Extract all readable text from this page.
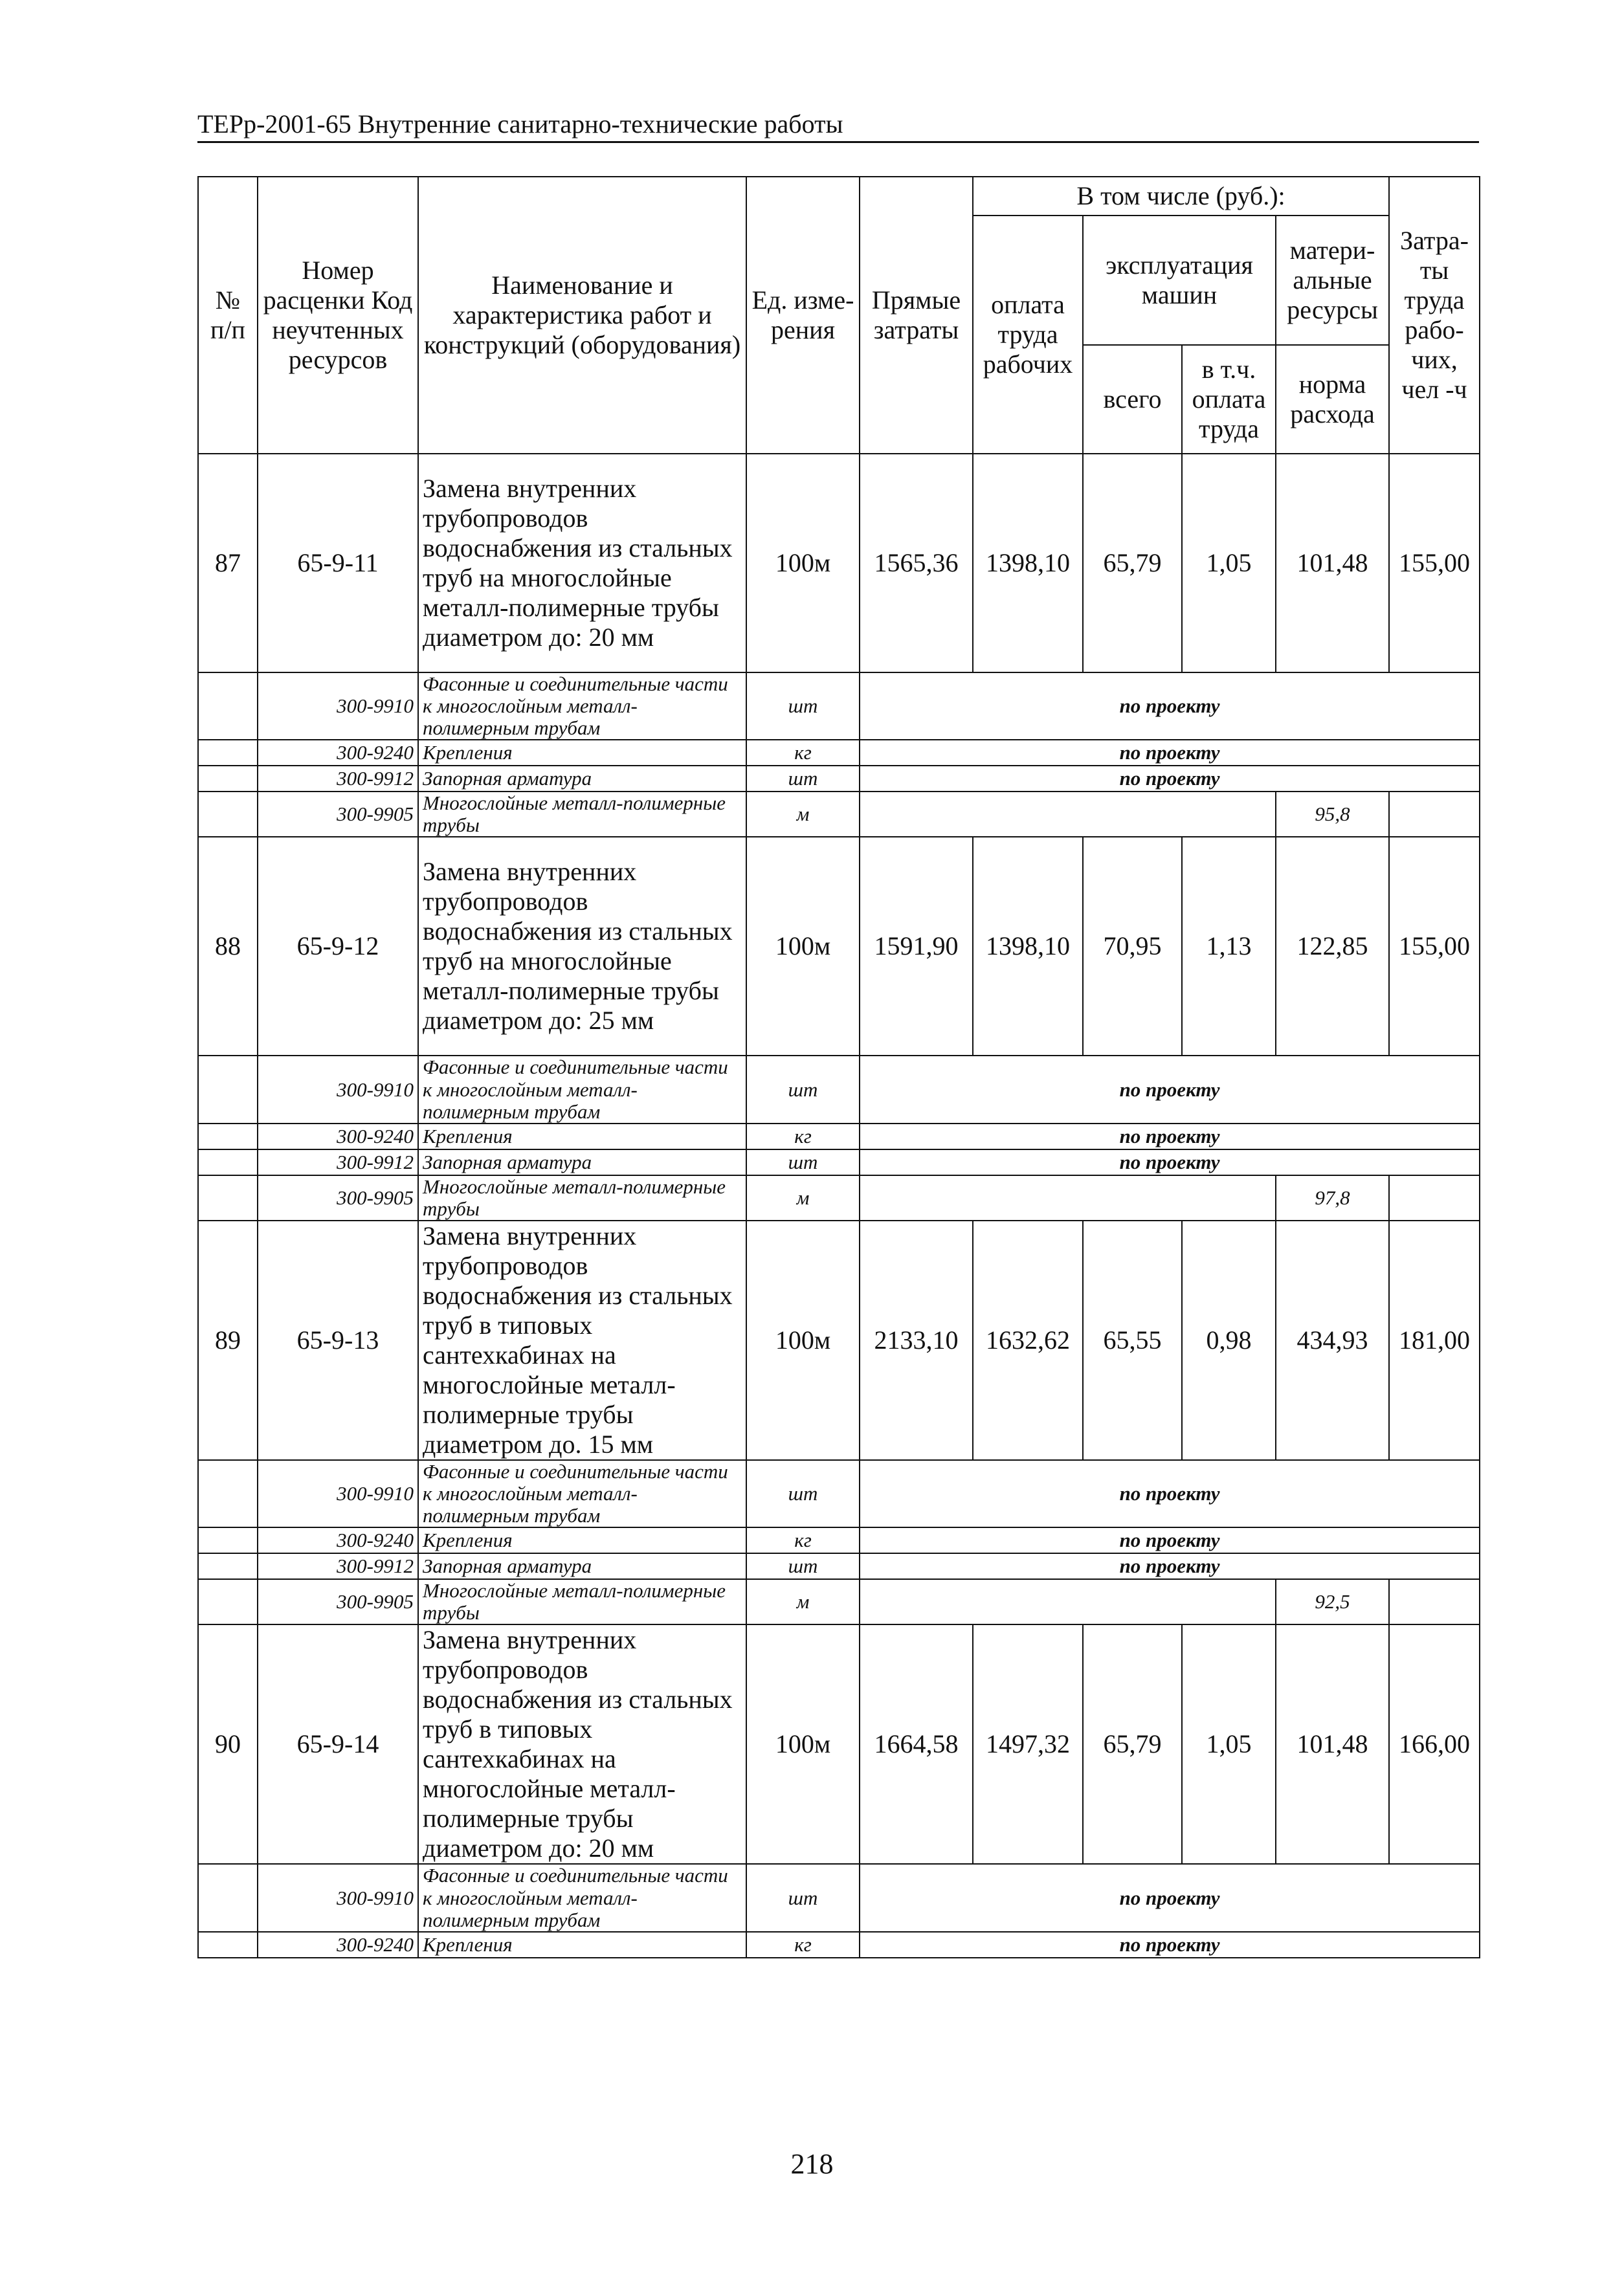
ТЕРр-2001-65 Внутренние санитарно-технические работы
№ п/п	Номер расценки Код неучтенных ресурсов	Наименование и характеристика работ и конструкций (оборудования)	Ед. изме-рения	Прямые затраты	В том числе (руб.):				Затра-ты труда рабо-чих, чел -ч
					оплата труда рабочих	эксплуатация машин		матери-альные ресурсы	

						всего	в т.ч. оплата труда	норма расхода	
87	65-9-11	Замена внутренних трубопроводов водоснабжения из стальных труб на многослойные металл-полимерные трубы диаметром до: 20 мм	100м	1565,36	1398,10	65,79	1,05	101,48	155,00
	300-9910	Фасонные и соединительные части к многослойным металл-полимерным трубам	шт	по проекту					
	300-9240	Крепления	кг	по проекту					
	300-9912	Запорная арматура	шт	по проекту					
	300-9905	Многослойные металл-полимерные трубы	м					95,8	
88	65-9-12	Замена внутренних трубопроводов водоснабжения из стальных труб на многослойные металл-полимерные трубы диаметром до: 25 мм	100м	1591,90	1398,10	70,95	1,13	122,85	155,00
	300-9910	Фасонные и соединительные части к многослойным металл-полимерным трубам	шт	по проекту					
	300-9240	Крепления	кг	по проекту					
	300-9912	Запорная арматура	шт	по проекту					
	300-9905	Многослойные металл-полимерные трубы	м					97,8	
89	65-9-13	Замена внутренних трубопроводов водоснабжения из стальных труб в типовых сантехкабинах на многослойные металл-полимерные трубы диаметром до. 15 мм	100м	2133,10	1632,62	65,55	0,98	434,93	181,00
	300-9910	Фасонные и соединительные части к многослойным металл-полимерным трубам	шт	по проекту					
	300-9240	Крепления	кг	по проекту					
	300-9912	Запорная арматура	шт	по проекту					
	300-9905	Многослойные металл-полимерные трубы	м					92,5	
90	65-9-14	Замена внутренних трубопроводов водоснабжения из стальных труб в типовых сантехкабинах на многослойные металл-полимерные трубы диаметром до: 20 мм	100м	1664,58	1497,32	65,79	1,05	101,48	166,00
	300-9910	Фасонные и соединительные части к многослойным металл-полимерным трубам	шт	по проекту					
	300-9240	Крепления	кг	по проекту					
218
